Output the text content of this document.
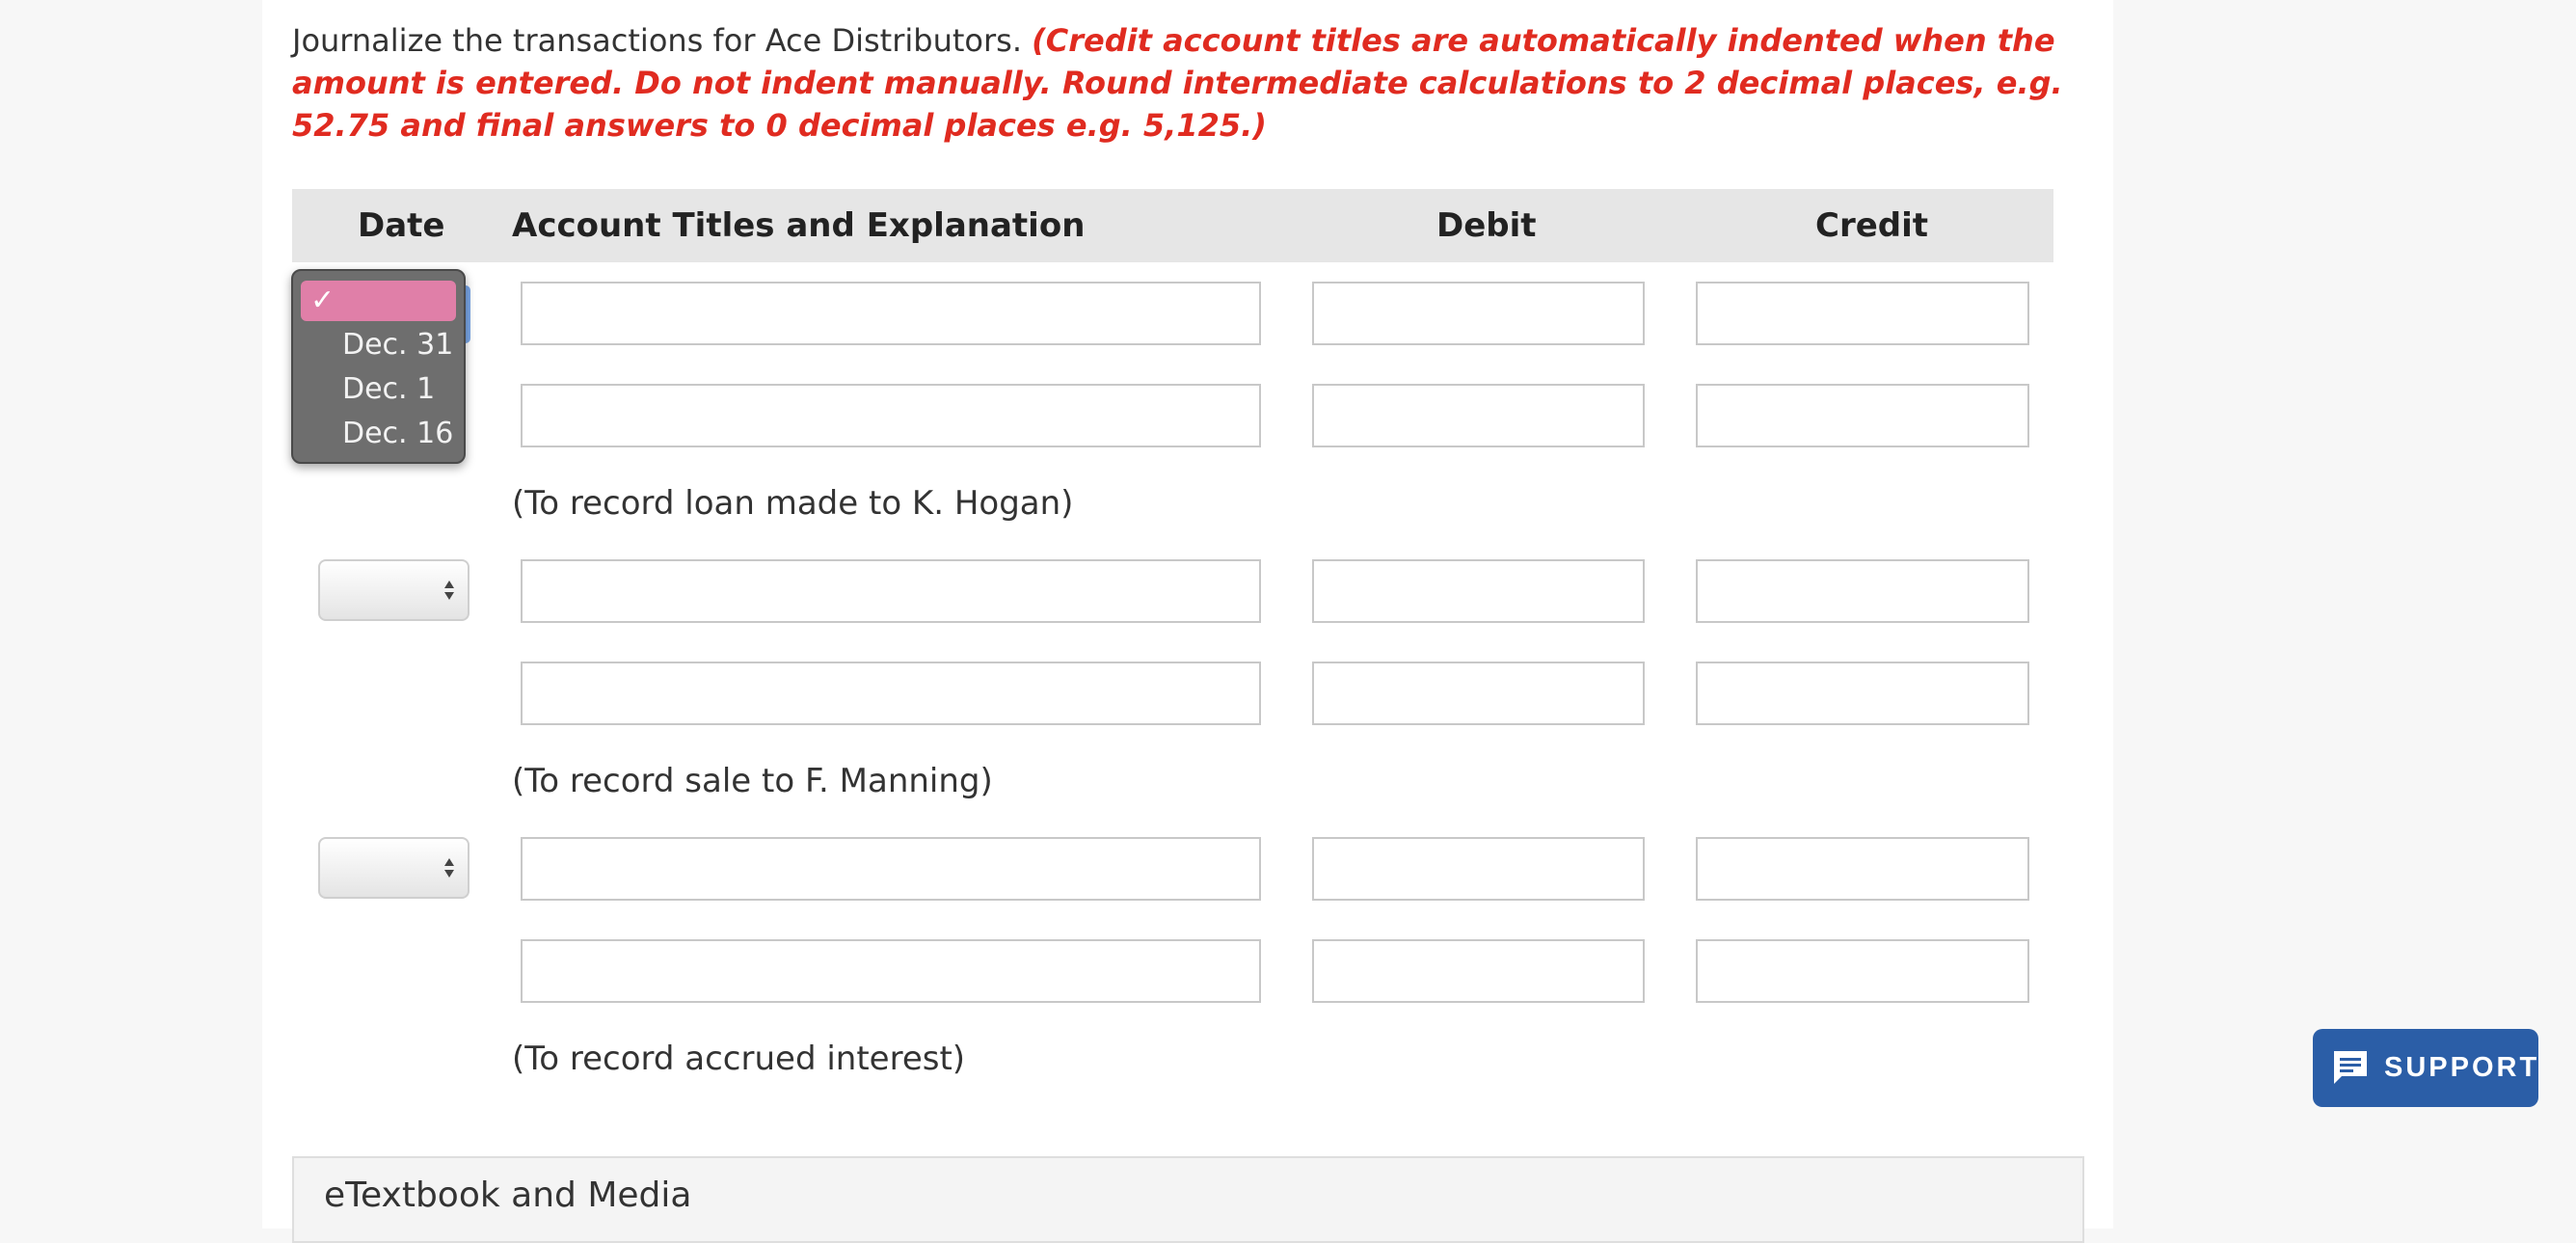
Journalize the transactions for Ace Distributors. (Credit account titles are automatically indented when the amount is entered. Do not indent manually. Round intermediate calculations to 2 decimal places, e.g. 52.75 and final answers to 0 decimal places e.g. 5,125.)
Date Account Titles and Explanation	Debit	Credit
(To record loan made to K. Hogan)
(To record sale to F. Manning)
(To record accrued interest)
✓
Dec. 31
Dec. 1
Dec. 16
SUPPORT
eTextbook and Media
